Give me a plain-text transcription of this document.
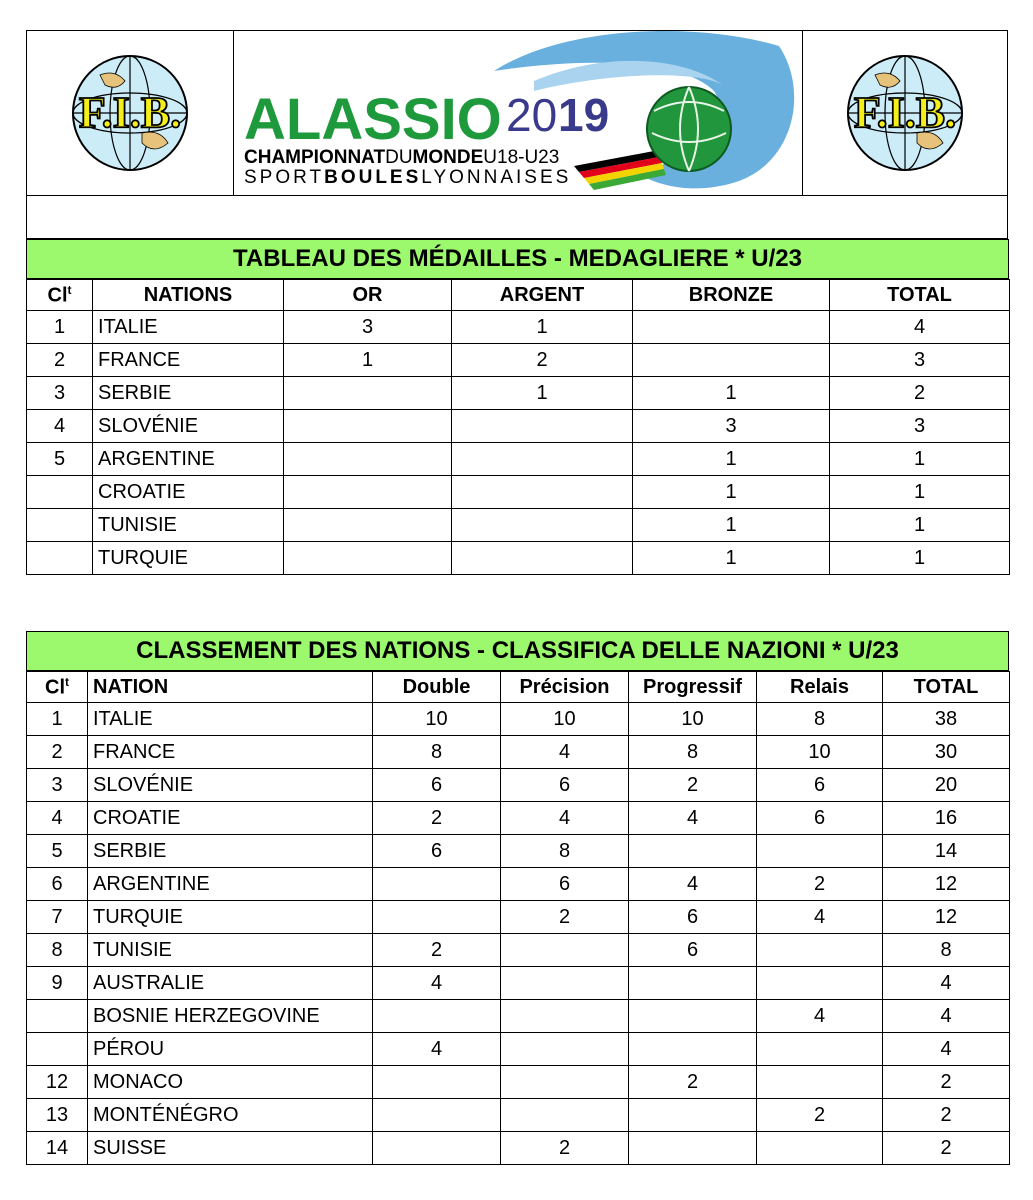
F.I.B. ALASSIO 20 19
CHAMPIONNATDUMONDEU18-U23
SPORTBOULESLYONNAISES
F.I.B.
TABLEAU DES MÉDAILLES - MEDAGLIERE * U/23
Cl$^t$	NATIONS	OR	ARGENT	BRONZE	TOTAL
1	ITALIE	3	1		4
2	FRANCE	1	2		3
3	SERBIE		1	1	2
4	SLOVÉNIE			3	3
5	ARGENTINE			1	1
	CROATIE			1	1
	TUNISIE			1	1
	TURQUIE			1	1
CLASSEMENT DES NATIONS - CLASSIFICA DELLE NAZIONI * U/23
Cl$^t$	NATION	Double	Précision	Progressif	Relais	TOTAL
1	ITALIE	10	10	10	8	38
2	FRANCE	8	4	8	10	30
3	SLOVÉNIE	6	6	2	6	20
4	CROATIE	2	4	4	6	16
5	SERBIE	6	8			14
6	ARGENTINE		6	4	2	12
7	TURQUIE		2	6	4	12
8	TUNISIE	2		6		8
9	AUSTRALIE	4				4
	BOSNIE HERZEGOVINE				4	4
	PÉROU	4				4
12	MONACO			2		2
13	MONTÉNÉGRO				2	2
14	SUISSE		2			2
